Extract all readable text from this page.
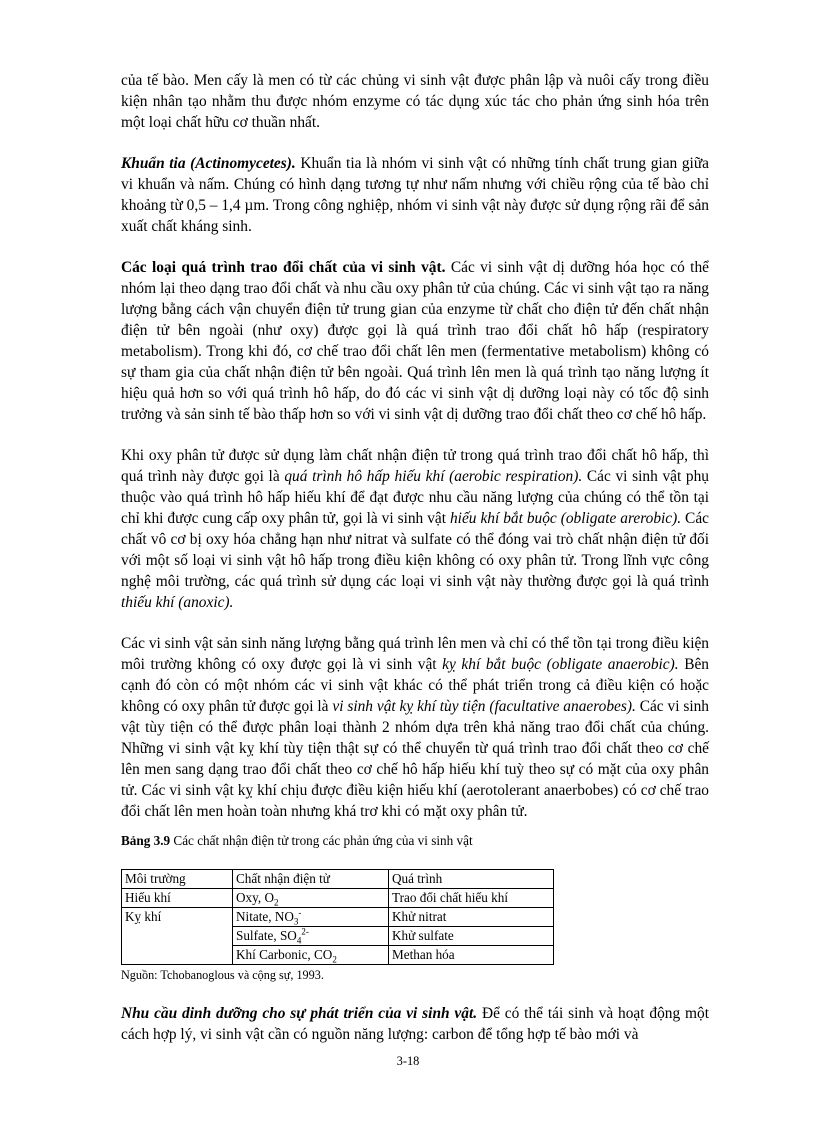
của tế bào. Men cấy là men có từ các chủng vi sinh vật được phân lập và nuôi cấy trong điều kiện nhân tạo nhằm thu được nhóm enzyme có tác dụng xúc tác cho phản ứng sinh hóa trên một loại chất hữu cơ thuần nhất.

Khuẩn tia (Actinomycetes). Khuẩn tia là nhóm vi sinh vật có những tính chất trung gian giữa vi khuẩn và nấm. Chúng có hình dạng tương tự như nấm nhưng với chiều rộng của tế bào chỉ khoảng từ 0,5 – 1,4 µm. Trong công nghiệp, nhóm vi sinh vật này được sử dụng rộng rãi để sản xuất chất kháng sinh.

Các loại quá trình trao đổi chất của vi sinh vật. Các vi sinh vật dị dưỡng hóa học có thể nhóm lại theo dạng trao đổi chất và nhu cầu oxy phân tử của chúng. Các vi sinh vật tạo ra năng lượng bằng cách vận chuyển điện tử trung gian của enzyme từ chất cho điện tử đến chất nhận điện tử bên ngoài (như oxy) được gọi là quá trình trao đổi chất hô hấp (respiratory metabolism). Trong khi đó, cơ chế trao đổi chất lên men (fermentative metabolism) không có sự tham gia của chất nhận điện tử bên ngoài. Quá trình lên men là quá trình tạo năng lượng ít hiệu quả hơn so với quá trình hô hấp, do đó các vi sinh vật dị dưỡng loại này có tốc độ sinh trưởng và sản sinh tế bào thấp hơn so với vi sinh vật dị dưỡng trao đổi chất theo cơ chế hô hấp.

Khi oxy phân tử được sử dụng làm chất nhận điện tử trong quá trình trao đổi chất hô hấp, thì quá trình này được gọi là quá trình hô hấp hiếu khí (aerobic respiration). Các vi sinh vật phụ thuộc vào quá trình hô hấp hiếu khí để đạt được nhu cầu năng lượng của chúng có thể tồn tại chỉ khi được cung cấp oxy phân tử, gọi là vi sinh vật hiếu khí bắt buộc (obligate arerobic). Các chất vô cơ bị oxy hóa chẳng hạn như nitrat và sulfate có thể đóng vai trò chất nhận điện tử đối với một số loại vi sinh vật hô hấp trong điều kiện không có oxy phân tử. Trong lĩnh vực công nghệ môi trường, các quá trình sử dụng các loại vi sinh vật này thường được gọi là quá trình thiếu khí (anoxic).

Các vi sinh vật sản sinh năng lượng bằng quá trình lên men và chỉ có thể tồn tại trong điều kiện môi trường không có oxy được gọi là vi sinh vật kỵ khí bắt buộc (obligate anaerobic). Bên cạnh đó còn có một nhóm các vi sinh vật khác có thể phát triển trong cả điều kiện có hoặc không có oxy phân tử được gọi là vi sinh vật kỵ khí tùy tiện (facultative anaerobes). Các vi sinh vật tùy tiện có thể được phân loại thành 2 nhóm dựa trên khả năng trao đổi chất của chúng. Những vi sinh vật kỵ khí tùy tiện thật sự có thể chuyển từ quá trình trao đổi chất theo cơ chế lên men sang dạng trao đổi chất theo cơ chế hô hấp hiếu khí tuỳ theo sự có mặt của oxy phân tử. Các vi sinh vật kỵ khí chịu được điều kiện hiếu khí (aerotolerant anaerbobes) có cơ chế trao đổi chất lên men hoàn toàn nhưng khá trơ khi có mặt oxy phân tử.

Bảng 3.9 Các chất nhận điện tử trong các phản ứng của vi sinh vật
Môi trường	Chất nhận điện tử	Quá trình
Hiếu khí	Oxy, $O_2$	Trao đổi chất hiếu khí
Kỵ khí	Nitate, $NO_3^-$	Khử nitrat
	Sulfate, $SO_4^{2-}$	Khử sulfate
	Khí Carbonic, $CO_2$	Methan hóa
Nguồn: Tchobanoglous và cộng sự, 1993.

Nhu cầu dinh dưỡng cho sự phát triển của vi sinh vật. Để có thể tái sinh và hoạt động một cách hợp lý, vi sinh vật cần có nguồn năng lượng: carbon để tổng hợp tế bào mới và

3-18
